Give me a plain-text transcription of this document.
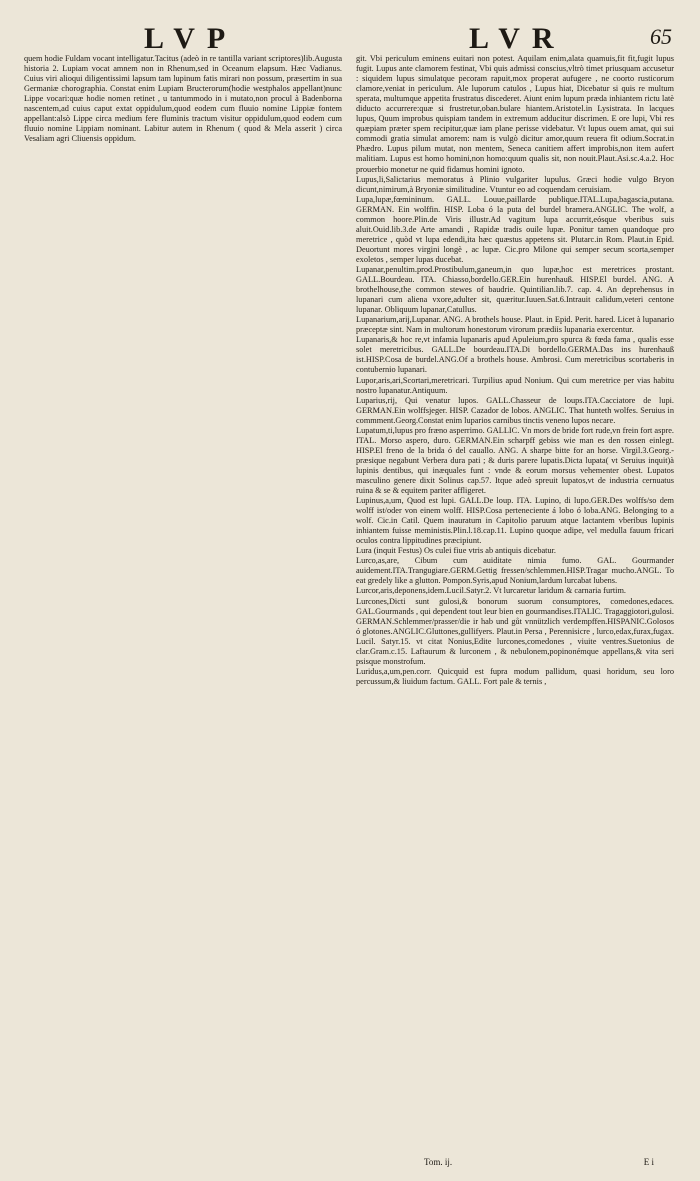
LVP	LVR	65

quem hodie Fuldam vocant intelligatur.Tacitus (adeò in re tantilla variant scriptores)lib.Augusta historia 2. Lupiam vocat amnem non in Rhenum,sed in Oceanum elapsum. Hæc Vadianus. Cuius viri alioqui diligentissimi lapsum tam lupinum fatis mirari non possum, præsertim in sua Germaniæ chorographia. Constat enim Lupiam Bructerorum(hodie westphalos appellant)nunc Lippe vocari:quæ hodie nomen retinet , u tantummodo in i mutato,non procul à Badenborna nascentem,ad cuius caput extat oppidulum,quod eodem cum fluuio nomine Lippiæ fontem appellant:alsò Lippe circa medium fere fluminis tractum visitur oppidulum,quod eodem cum fluuio nomine Lippiam nominant. Labitur autem in Rhenum ( quod & Mela asserit ) circa Vesaliam agri Cliuensis oppidum.

git. Vbi periculum eminens euitari non potest. Aquilam enim,alata quamuis,fit fit,fugit lupus fugit. Lupus ante clamorem festinat, Vbi quis admissi conscius,vltrò timet priusquam accusetur : siquidem lupus simulatque pecoram rapuit,mox properat aufugere , ne coorto rusticorum clamore,veniat in periculum. Ale luporum catulos , Lupus hiat, Dicebatur si quis re multum sperata, multumque appetita frustratus discederet. Aiunt enim lupum præda inhiantem rictu latè diducto accurrere:quæ si frustretur,oban.bulare hiantem.Aristotel.in Lysistrata. In lacques lupus, Quum improbus quispiam tandem in extremum adducitur discrimen. E ore lupi, Vbi res quæpiam præter spem recipitur,quæ iam plane perisse videbatur. Vt lupus ouem amat, qui sui commodi gratia simulat amorem: nam is vulgò dicitur amor,quum reuera fit odium.Socrat.in Phædro. Lupus pilum mutat, non mentem, Seneca canitiem affert improbis,non item aufert malitiam. Lupus est homo homini,non homo:quum qualis sit, non nouit.Plaut.Asi.sc.4.a.2. Hoc prouerbio monetur ne quid fidamus homini ignoto.

Lupus,li,Salictarius memoratus à Plinio vulgariter lupulus. Græci hodie vulgo Bryon dicunt,nimirum,à Bryoniæ similitudine. Vtuntur eo ad coquendam ceruisiam.

Lupa,lupæ,fœmininum. GALL. Louue,paillarde publique.ITAL.Lupa,bagascia,putana. GERMAN. Ein wolffin. HISP. Loba ó la puta del burdel bramera.ANGLIC. The wolf, a common hoore.Plin.de Viris illustr.Ad vagitum lupa accurrit,eósque vberibus suis aluit.Ouid.lib.3.de Arte amandi , Rapidæ tradis ouile lupæ. Ponitur tamen quandoque pro meretrice , quòd vt lupa edendi,ita hæc quæstus appetens sit. Plutarc.in Rom. Plaut.in Epid. Deuortunt mores virgini longè , ac lupæ. Cic.pro Milone qui semper secum scorta,semper exoletos , semper lupas ducebat.

Lupanar,penultim.prod.Prostibulum,ganeum,in quo lupæ,hoc est meretrices prostant. GALL.Bourdeau. ITA. Chiasso,bordello.GER.Ein hurenhauß. HISP.El burdel. ANG. A brothelhouse,the common stewes of baudrie. Quintilian.lib.7. cap. 4. An deprehensus in lupanari cum aliena vxore,adulter sit, quæritur.Iuuen.Sat.6.Intrauit calidum,veteri centone lupanar. Obliquum lupanar,Catullus.

Lupanarium,arij,Lupanar. ANG. A brothels house. Plaut. in Epid. Perit. hared. Licet à lupanario præceptæ sint. Nam in multorum honestorum virorum prædiis lupanaria exercentur.

Lupanaris,& hoc re,vt infamia lupanaris apud Apuleium,pro spurca & fœda fama , qualis esse solet meretricibus. GALL.De bourdeau.ITA.Di bordello.GERMA.Das ins hurenhauß ist.HISP.Cosa de burdel.ANG.Of a brothels house. Ambrosi. Cum meretricibus scortaberis in contubernio lupanari.

Lupor,aris,ari,Scortari,meretricari. Turpilius apud Nonium. Qui cum meretrice per vias habitu nostro lupanatur.Antiquum.

Luparius,rij, Qui venatur lupos. GALL.Chasseur de loups.ITA.Cacciatore de lupi. GERMAN.Ein wolffsjeger. HISP. Cazador de lobos. ANGLIC. That hunteth wolfes. Seruius in commment.Georg.Constat enim luparios carnibus tinctis veneno lupos necare.

Lupatum,ti,lupus pro fræno asperrimo. GALLIC. Vn mors de bride fort rude,vn frein fort aspre. ITAL. Morso aspero, duro. GERMAN.Ein scharpff gebiss wie man es den rossen einlegt. HISP.El freno de la brida ó del cauallo. ANG. A sharpe bitte for an horse. Virgil.3.Georg.-præsique negabunt Verbera dura pati ; & duris parere lupatis.Dicta lupata( vt Seruius inquit)à lupinis dentibus, qui inæquales funt : vnde & eorum morsus vehementer obest. Lupatos masculino genere dixit Solinus cap.57. Itque adeò spreuit lupatos,vt de industria cernuatus ruina & se & equitem pariter affligeret.

Lupinus,a,um, Quod est lupi. GALL.De loup. ITA. Lupino, di lupo.GER.Des wolffs/so dem wolff ist/oder von einem wolff. HISP.Cosa perteneciente á lobo ó loba.ANG. Belonging to a wolf. Cic.in Catil. Quem inauratum in Capitolio paruum atque lactantem vberibus lupinis inhiantem fuisse meministis.Plin.l.18.cap.11. Lupino quoque adipe, vel medulla fauum fricari oculos contra lippitudines præcipiunt.

Lura (inquit Festus) Os culei fiue vtris ab antiquis dicebatur.

Lurco,as,are, Cibum cum auiditate nimia fumo. GAL. Gourmander auidement.ITA.Trangugiare.GERM.Gettig fressen/schlemmen.HISP.Tragar mucho.ANGL. To eat gredely like a glutton. Pompon.Syris,apud Nonium,lardum lurcabat lubens.

Lurcor,aris,deponens,idem.Lucil.Satyr.2. Vt lurcaretur laridum & carnaria furtim.

Lurcones,Dicti sunt gulosi,& bonorum suorum consumptores, comedones,edaces. GAL.Gourmands , qui dependent tout leur bien en gourmandises.ITALIC. Tragaggiotori,gulosi. GERMAN.Schlemmer/prasser/die ir hab und gůt vnnützlich verdempffen.HISPANIC.Golosos ó glotones.ANGLIC.Gluttones,gullifyers. Plaut.in Persa , Perennisicre , lurco,edax,furax,fugax. Lucil. Satyr.15. vt citat Nonius,Edite lurcones,comedones , viuite ventres.Suetonius de clar.Gram.c.15. Laftaurum & lurconem , & nebulonem,popinonémque appellans,& vita seri psisque monstrofum.

Luridus,a,um,pen.corr. Quicquid est fupra modum pallidum, quasi horidum, seu loro percussum,& liuidum factum. GALL. Fort pale & ternis ,

Tom. ij.	E i
